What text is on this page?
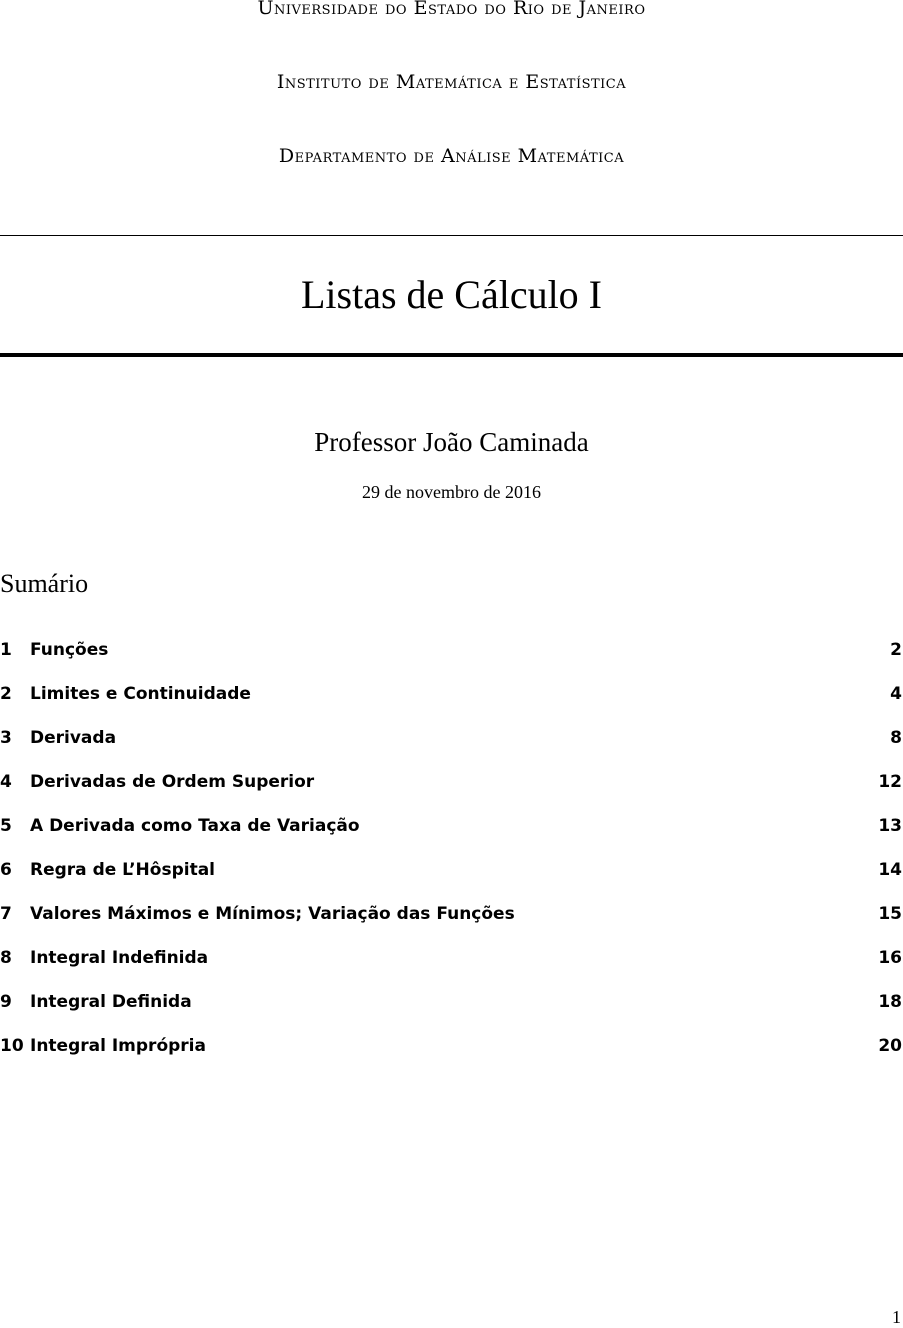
Universidade do Estado do Rio de Janeiro
Instituto de Matemática e Estatística
Departamento de Análise Matemática
Listas de Cálculo I
Professor João Caminada
29 de novembro de 2016
Sumário
1 Funções	2
2 Limites e Continuidade	4
3 Derivada	8
4 Derivadas de Ordem Superior	12
5 A Derivada como Taxa de Variação	13
6 Regra de L’Hôspital	14
7 Valores Máximos e Mínimos; Variação das Funções	15
8 Integral Indefinida	16
9 Integral Definida	18
10 Integral Imprópria	20
1
